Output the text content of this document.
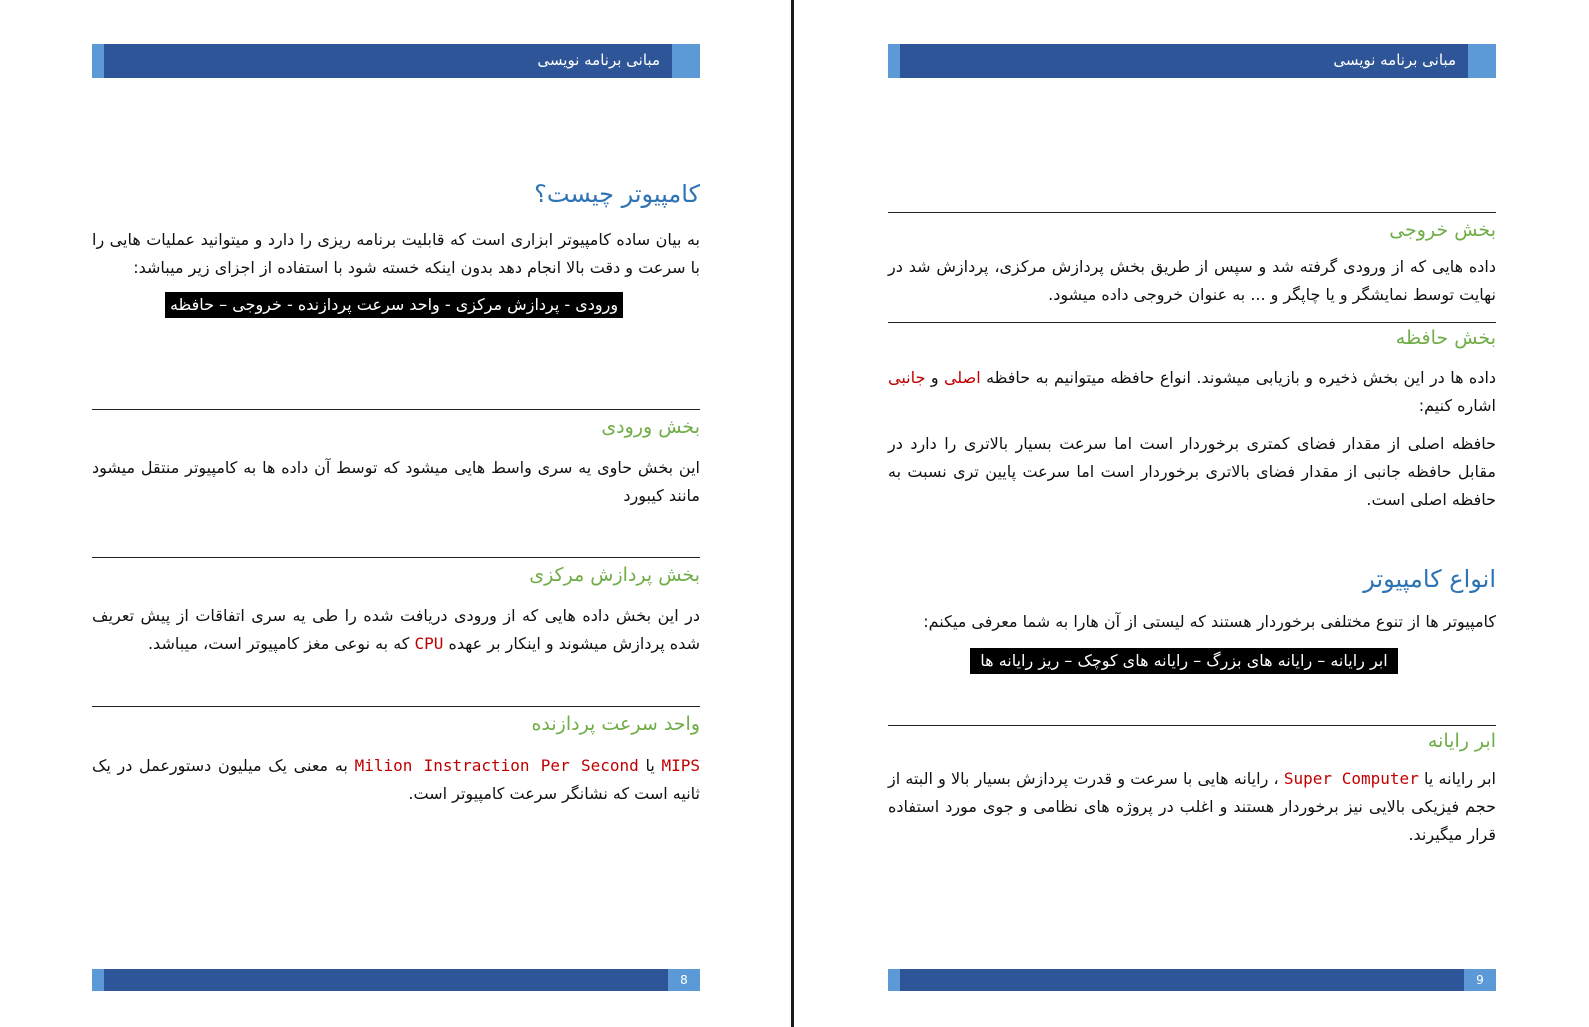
مبانی برنامه نویسی
کامپیوتر چیست؟
به بیان ساده کامپیوتر ابزاری است که قابلیت برنامه ریزی را دارد و میتوانید عملیات هایی را با سرعت و دقت بالا انجام دهد بدون اینکه خسته شود با استفاده از اجزای زیر میباشد:
ورودی - پردازش مرکزی - واحد سرعت پردازنده - خروجی – حافظه
بخش ورودی
این بخش حاوی یه سری واسط هایی میشود که توسط آن داده ها به کامپیوتر منتقل میشود مانند کیبورد
بخش پردازش مرکزی
در این بخش داده هایی که از ورودی دریافت شده را طی یه سری اتفاقات از پیش تعریف شده پردازش میشوند و اینکار بر عهده CPU که به نوعی مغز کامپیوتر است، میباشد.
واحد سرعت پردازنده
MIPS یا Milion Instraction Per Second به معنی یک میلیون دستورعمل در یک ثانیه است که نشانگر سرعت کامپیوتر است.
8
مبانی برنامه نویسی
بخش خروجی
داده هایی که از ورودی گرفته شد و سپس از طریق بخش پردازش مرکزی، پردازش شد در نهایت توسط نمایشگر و یا چاپگر و ... به عنوان خروجی داده میشود.
بخش حافظه
داده ها در این بخش ذخیره و بازیابی میشوند. انواع حافظه میتوانیم به حافظه اصلی و جانبی اشاره کنیم:
حافظه اصلی از مقدار فضای کمتری برخوردار است اما سرعت بسیار بالاتری را دارد در مقابل حافظه جانبی از مقدار فضای بالاتری برخوردار است اما سرعت پایین تری نسبت به حافظه اصلی است.
انواع کامپیوتر
کامپیوتر ها از تنوع مختلفی برخوردار هستند که لیستی از آن هارا به شما معرفی میکنم:
ابر رایانه – رایانه های بزرگ – رایانه های کوچک – ریز رایانه ها
ابر رایانه
ابر رایانه یا Super Computer ، رایانه هایی با سرعت و قدرت پردازش بسیار بالا و البته از حجم فیزیکی بالایی نیز برخوردار هستند و اغلب در پروژه های نظامی و جوی مورد استفاده قرار میگیرند.
9
